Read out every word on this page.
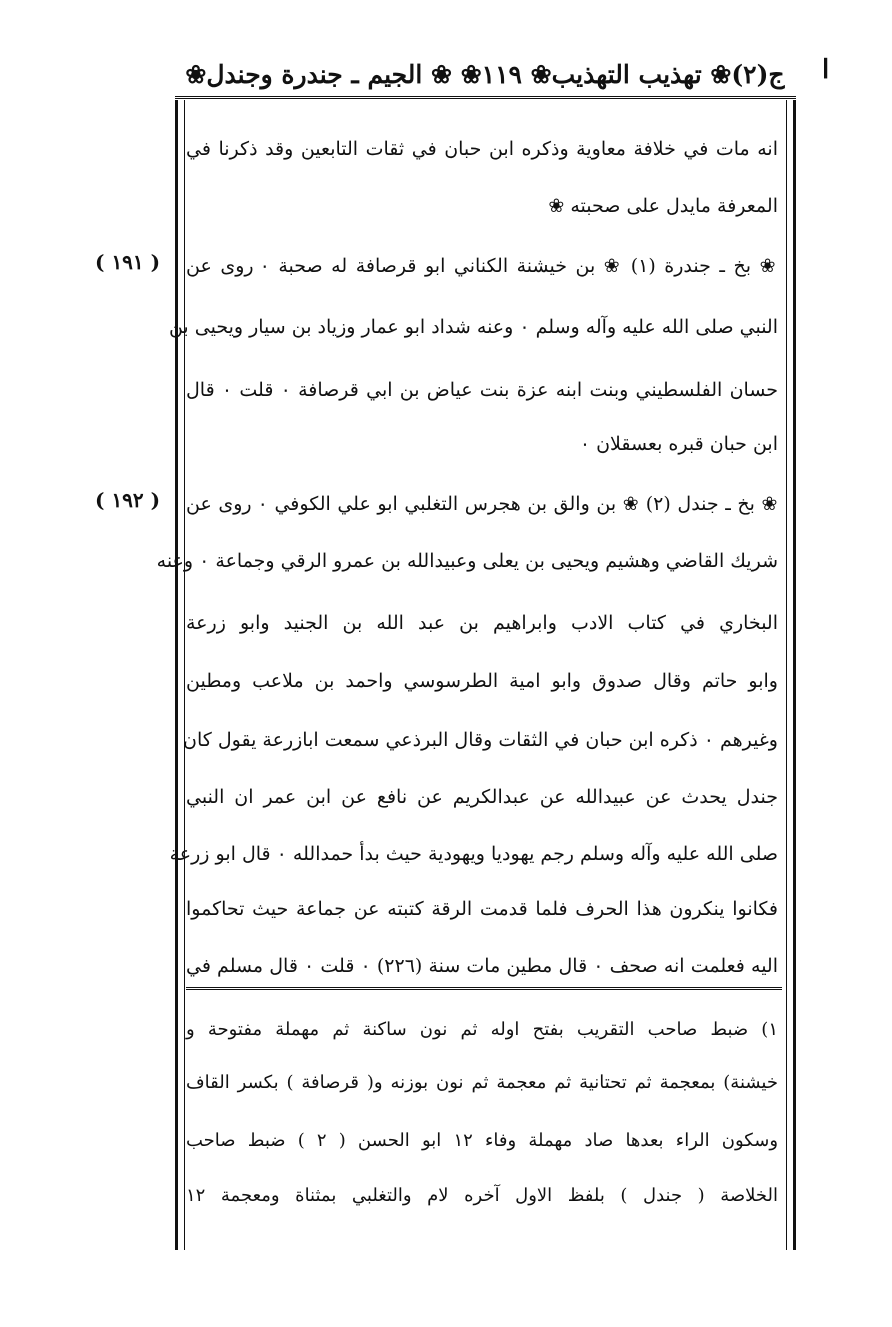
ا
ج(٢)❀ تهذيب التهذيب❀ ١١٩❀ ❀ الجيم ـ جندرة وجندل❀
انه مات في خلافة معاوية وذكره ابن حبان في ثقات التابعين وقد ذكرنا في
المعرفة مايدل على صحبته ❀
❀ بخ ـ جندرة (١) ❀ بن خيشنة الكناني ابو قرصافة له صحبة ٠ روى عن
النبي صلى الله عليه وآله وسلم ٠ وعنه شداد ابو عمار وزياد بن سيار ويحيى بن
حسان الفلسطيني وبنت ابنه عزة بنت عياض بن ابي قرصافة ٠ قلت ٠ قال
ابن حبان قبره بعسقلان ٠
❀ بخ ـ جندل (٢) ❀ بن والق بن هجرس التغلبي ابو علي الكوفي ٠ روى عن
شريك القاضي وهشيم ويحيى بن يعلى وعبيدالله بن عمرو الرقي وجماعة ٠ وعنه
البخاري في كتاب الادب وابراهيم بن عبد الله بن الجنيد وابو زرعة
وابو حاتم وقال صدوق وابو امية الطرسوسي واحمد بن ملاعب ومطين
وغيرهم ٠ ذكره ابن حبان في الثقات وقال البرذعي سمعت ابازرعة يقول كان
جندل يحدث عن عبيدالله عن عبدالكريم عن نافع عن ابن عمر ان النبي
صلى الله عليه وآله وسلم رجم يهوديا ويهودية حيث بدأ حمدالله ٠ قال ابو زرعة
فكانوا ينكرون هذا الحرف فلما قدمت الرقة كتبته عن جماعة حيث تحاكموا
اليه فعلمت انه صحف ٠ قال مطين مات سنة (٢٢٦) ٠ قلت ٠ قال مسلم في
( ١٩١ )
( ١٩٢ )
١) ضبط صاحب التقريب بفتح اوله ثم نون ساكنة ثم مهملة مفتوحة و
خيشنة) بمعجمة ثم تحتانية ثم معجمة ثم نون بوزنه و( قرصافة ) بكسر القاف
وسكون الراء بعدها صاد مهملة وفاء ١٢ ابو الحسن ( ٢ ) ضبط صاحب
الخلاصة ( جندل ) بلفظ الاول آخره لام والتغلبي بمثناة ومعجمة ١٢
